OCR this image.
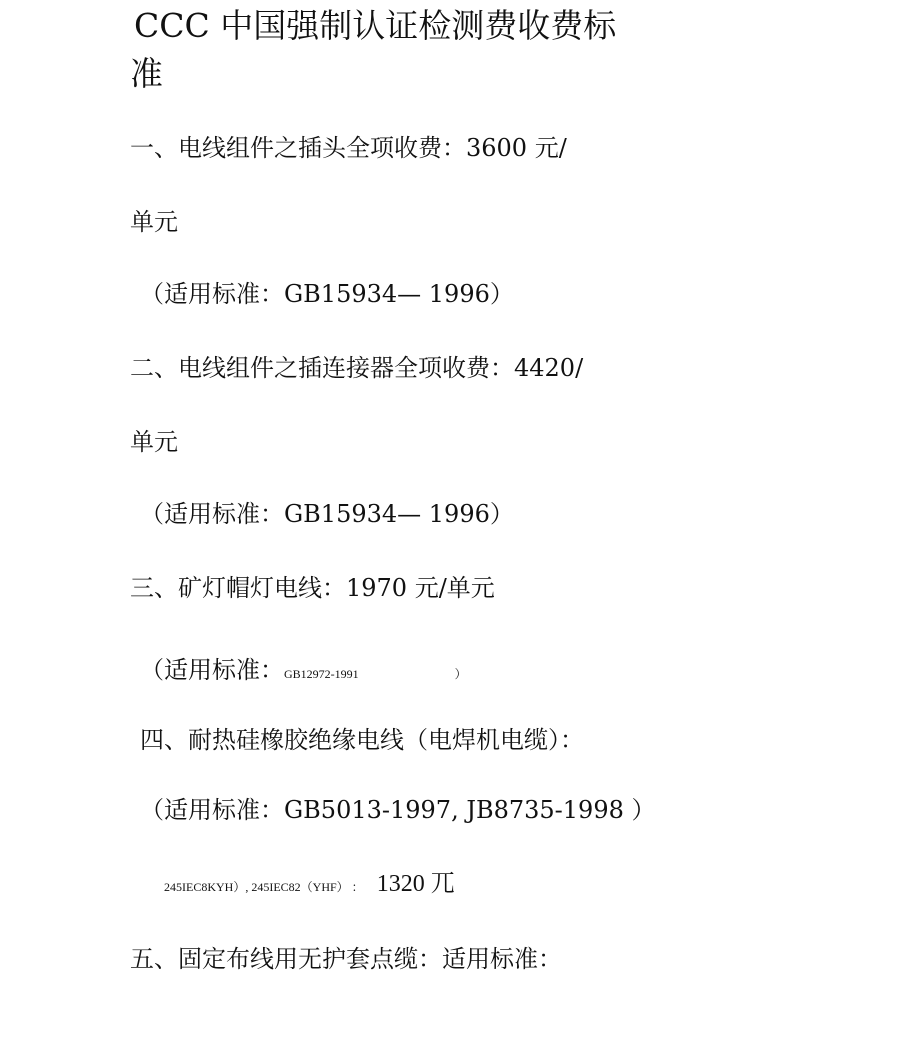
CCC 中国强制认证检测费收费标
准
一、电线组件之插头全项收费：3600 元/
单元
（适用标准：GB15934— 1996）
二、电线组件之插连接器全项收费：4420/
单元
（适用标准：GB15934— 1996）
三、矿灯帽灯电线：1970 元/单元
（适用标准：GB12972-1991	）
四、耐热硅橡胶绝缘电线（电焊机电缆）：
（适用标准：GB5013-1997, JB8735-1998 ）
245IEC8KYH）, 245IEC82（YHF） ： 1320 兀
五、固定布线用无护套点缆：适用标准：
